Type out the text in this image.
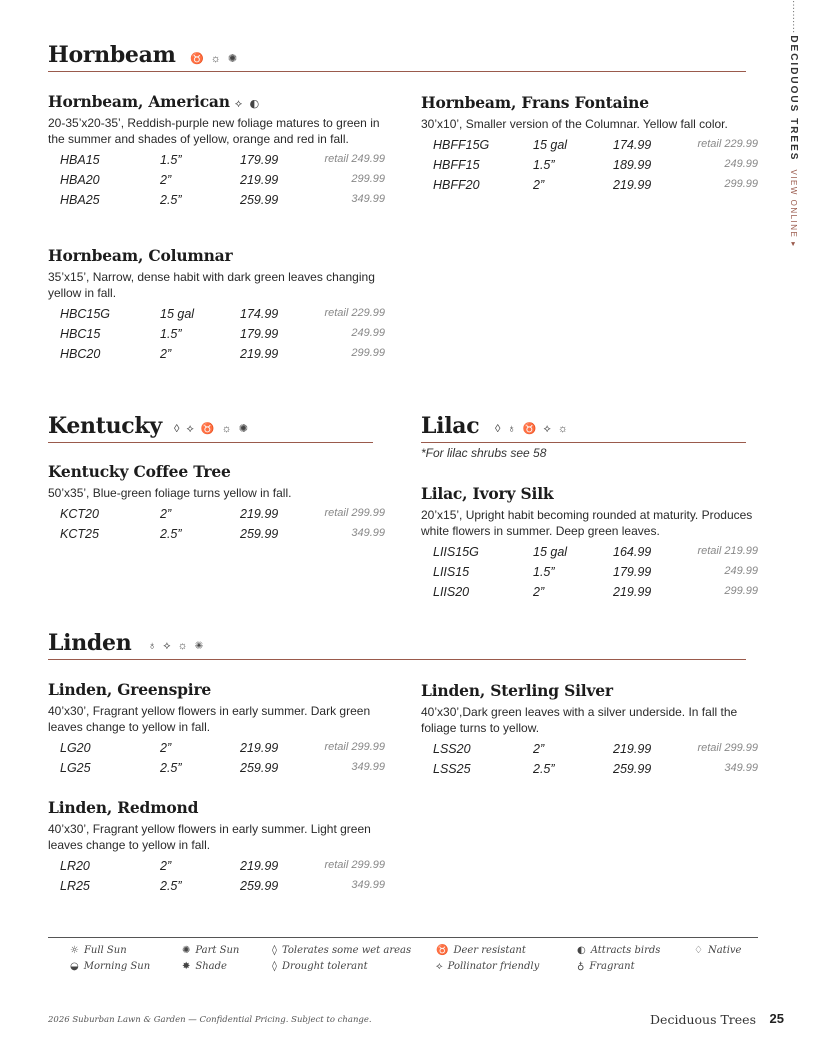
··········DECIDUOUS TREESVIEW ONLINE ▸
Hornbeam ♉ ☼ ✺
Hornbeam, American ⟡ ◐
20-35’x20-35’, Reddish-purple new foliage matures to green in the summer and shades of yellow, orange and red in fall.
HBA15	1.5”	179.99	retail 249.99
HBA20	2”	219.99	299.99
HBA25	2.5”	259.99	349.99
Hornbeam, Columnar
35’x15’, Narrow, dense habit with dark green leaves changing yellow in fall.
HBC15G	15 gal	174.99	retail 229.99
HBC15	1.5”	179.99	249.99
HBC20	2”	219.99	299.99
Hornbeam, Frans Fontaine
30’x10’, Smaller version of the Columnar. Yellow fall color.
HBFF15G	15 gal	174.99	retail 229.99
HBFF15	1.5”	189.99	249.99
HBFF20	2”	219.99	299.99
Kentucky ◊ ⟡ ♉ ☼ ✺
Kentucky Coffee Tree
50’x35’, Blue-green foliage turns yellow in fall.
KCT20	2”	219.99	retail 299.99
KCT25	2.5”	259.99	349.99
Lilac ◊ ♁ ♉ ⟡ ☼
*For lilac shrubs see 58
Lilac, Ivory Silk
20’x15’, Upright habit becoming rounded at maturity. Produces white flowers in summer. Deep green leaves.
LIIS15G	15 gal	164.99	retail 219.99
LIIS15	1.5”	179.99	249.99
LIIS20	2”	219.99	299.99
Linden ♁ ⟡ ☼ ✺
Linden, Greenspire
40’x30’, Fragrant yellow flowers in early summer. Dark green leaves change to yellow in fall.
LG20	2”	219.99	retail 299.99
LG25	2.5”	259.99	349.99
Linden, Redmond
40’x30’, Fragrant yellow flowers in early summer. Light green leaves change to yellow in fall.
LR20	2”	219.99	retail 299.99
LR25	2.5”	259.99	349.99
Linden, Sterling Silver
40’x30’,Dark green leaves with a silver underside. In fall the foliage turns to yellow.
LSS20	2”	219.99	retail 299.99
LSS25	2.5”	259.99	349.99
☼ Full Sun
◒ Morning Sun
✺ Part Sun
✸ Shade
◊ Tolerates some wet areas
◊ Drought tolerant
♉ Deer resistant
⟡ Pollinator friendly
◐ Attracts birds
♁ Fragrant
♢ Native
2026 Suburban Lawn & Garden — Confidential Pricing. Subject to change.	Deciduous Trees 25
